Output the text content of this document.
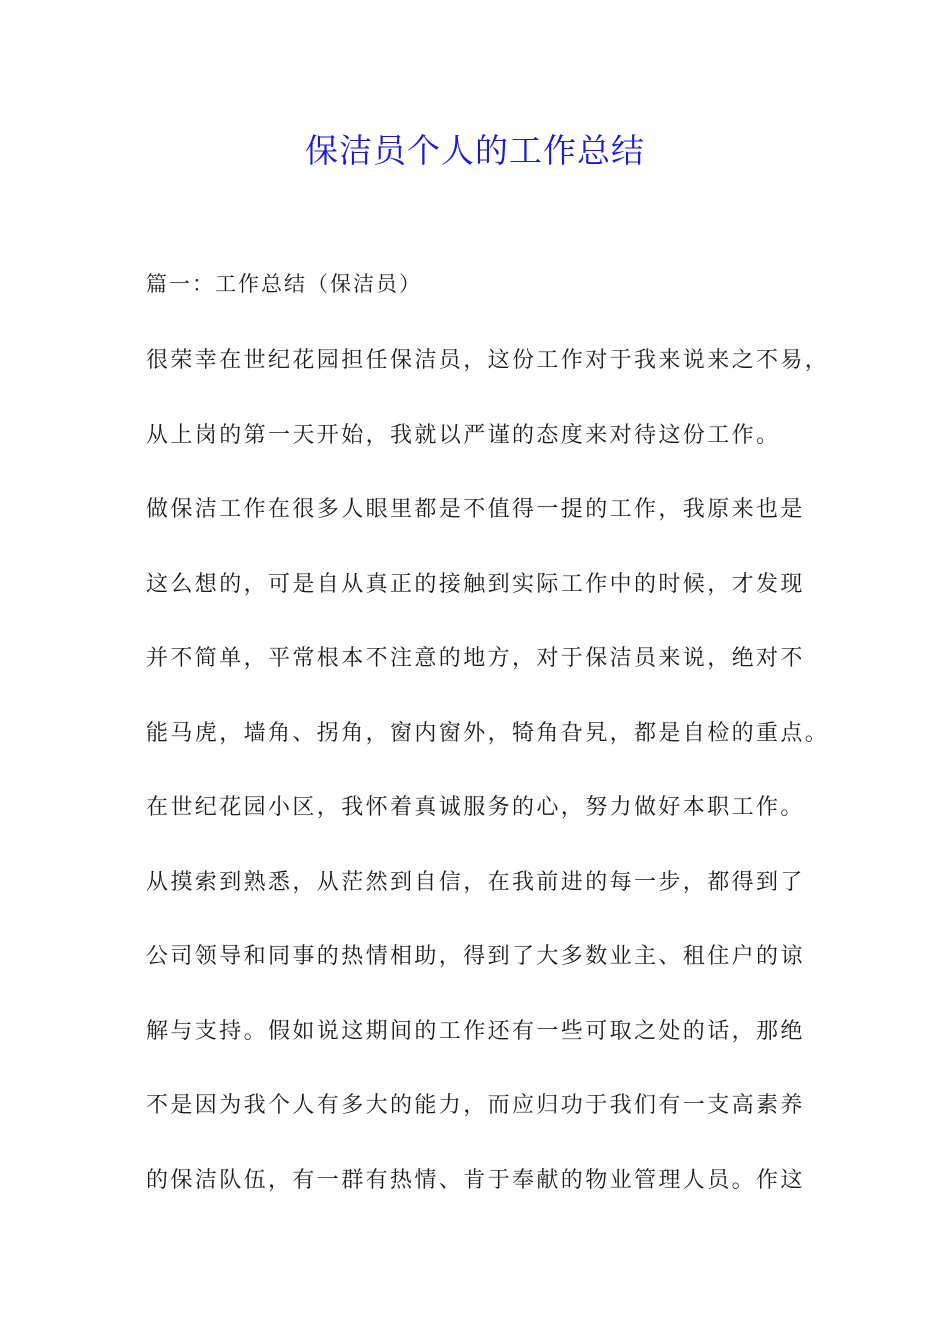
保洁员个人的工作总结
篇一：工作总结（保洁员）
很荣幸在世纪花园担任保洁员，这份工作对于我来说来之不易，
从上岗的第一天开始，我就以严谨的态度来对待这份工作。
做保洁工作在很多人眼里都是不值得一提的工作，我原来也是
这么想的，可是自从真正的接触到实际工作中的时候，才发现
并不简单，平常根本不注意的地方，对于保洁员来说，绝对不
能马虎，墙角、拐角，窗内窗外，犄角旮旯，都是自检的重点。
在世纪花园小区，我怀着真诚服务的心，努力做好本职工作。
从摸索到熟悉，从茫然到自信，在我前进的每一步，都得到了
公司领导和同事的热情相助，得到了大多数业主、租住户的谅
解与支持。假如说这期间的工作还有一些可取之处的话，那绝
不是因为我个人有多大的能力，而应归功于我们有一支高素养
的保洁队伍，有一群有热情、肯于奉献的物业管理人员。作这
